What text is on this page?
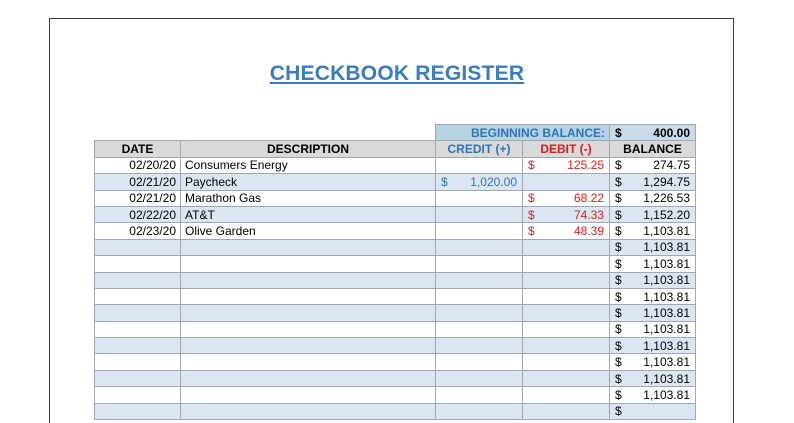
CHECKBOOK REGISTER
		BEGINNING BALANCE:		$ 400.00

DATE	DESCRIPTION	CREDIT (+)	DEBIT (-)	BALANCE
02/20/20	Consumers Energy		$ 125.25	$ 274.75

02/21/20	Paycheck	$ 1,020.00		$ 1,294.75

02/21/20	Marathon Gas		$ 68.22	$ 1,226.53

02/22/20	AT&T		$ 74.33	$ 1,152.20

02/23/20	Olive Garden		$ 48.39	$ 1,103.81

				$ 1,103.81

				$ 1,103.81

				$ 1,103.81

				$ 1,103.81

				$ 1,103.81

				$ 1,103.81

				$ 1,103.81

				$ 1,103.81

				$ 1,103.81

				$ 1,103.81

				$
